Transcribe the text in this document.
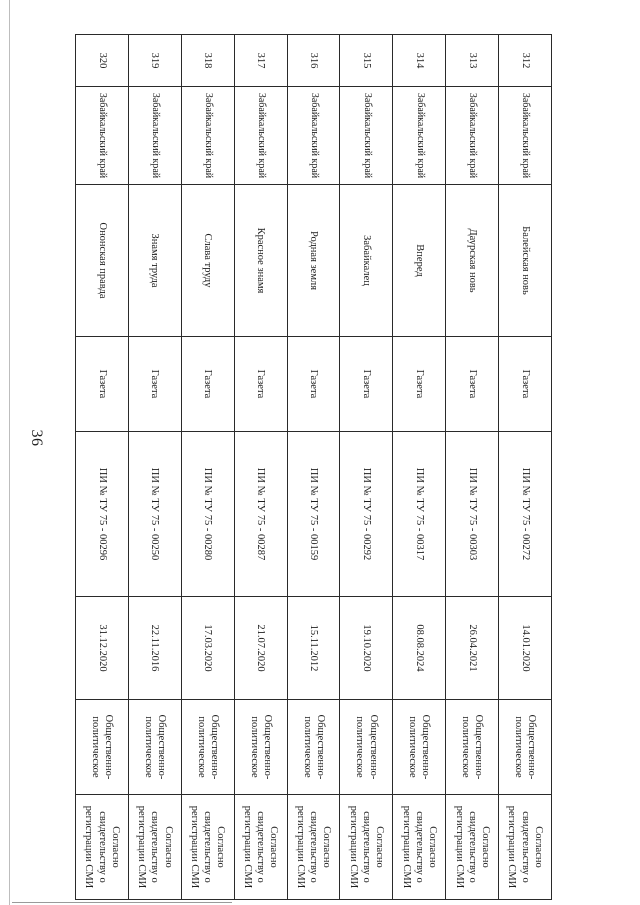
36
312	Забайкальский край	Балейская новь	Газета	ПИ № ТУ 75 - 00272	14.01.2020	Общественно-политическое	Согласно свидетельству о регистрации СМИ
313	Забайкальский край	Даурская новь	Газета	ПИ № ТУ 75 - 00303	26.04.2021	Общественно-политическое	Согласно свидетельству о регистрации СМИ
314	Забайкальский край	Вперед	Газета	ПИ № ТУ 75 - 00317	08.08.2024	Общественно-политическое	Согласно свидетельству о регистрации СМИ
315	Забайкальский край	Забайкалец	Газета	ПИ № ТУ 75 - 00292	19.10.2020	Общественно-политическое	Согласно свидетельству о регистрации СМИ
316	Забайкальский край	Родная земля	Газета	ПИ № ТУ 75 - 00159	15.11.2012	Общественно-политическое	Согласно свидетельству о регистрации СМИ
317	Забайкальский край	Красное знамя	Газета	ПИ № ТУ 75 - 00287	21.07.2020	Общественно-политическое	Согласно свидетельству о регистрации СМИ
318	Забайкальский край	Слава труду	Газета	ПИ № ТУ 75 - 00280	17.03.2020	Общественно-политическое	Согласно свидетельству о регистрации СМИ
319	Забайкальский край	Знамя труда	Газета	ПИ № ТУ 75 - 00250	22.11.2016	Общественно-политическое	Согласно свидетельству о регистрации СМИ
320	Забайкальский край	Ононская правда	Газета	ПИ № ТУ 75 - 00296	31.12.2020	Общественно-политическое	Согласно свидетельству о регистрации СМИ
